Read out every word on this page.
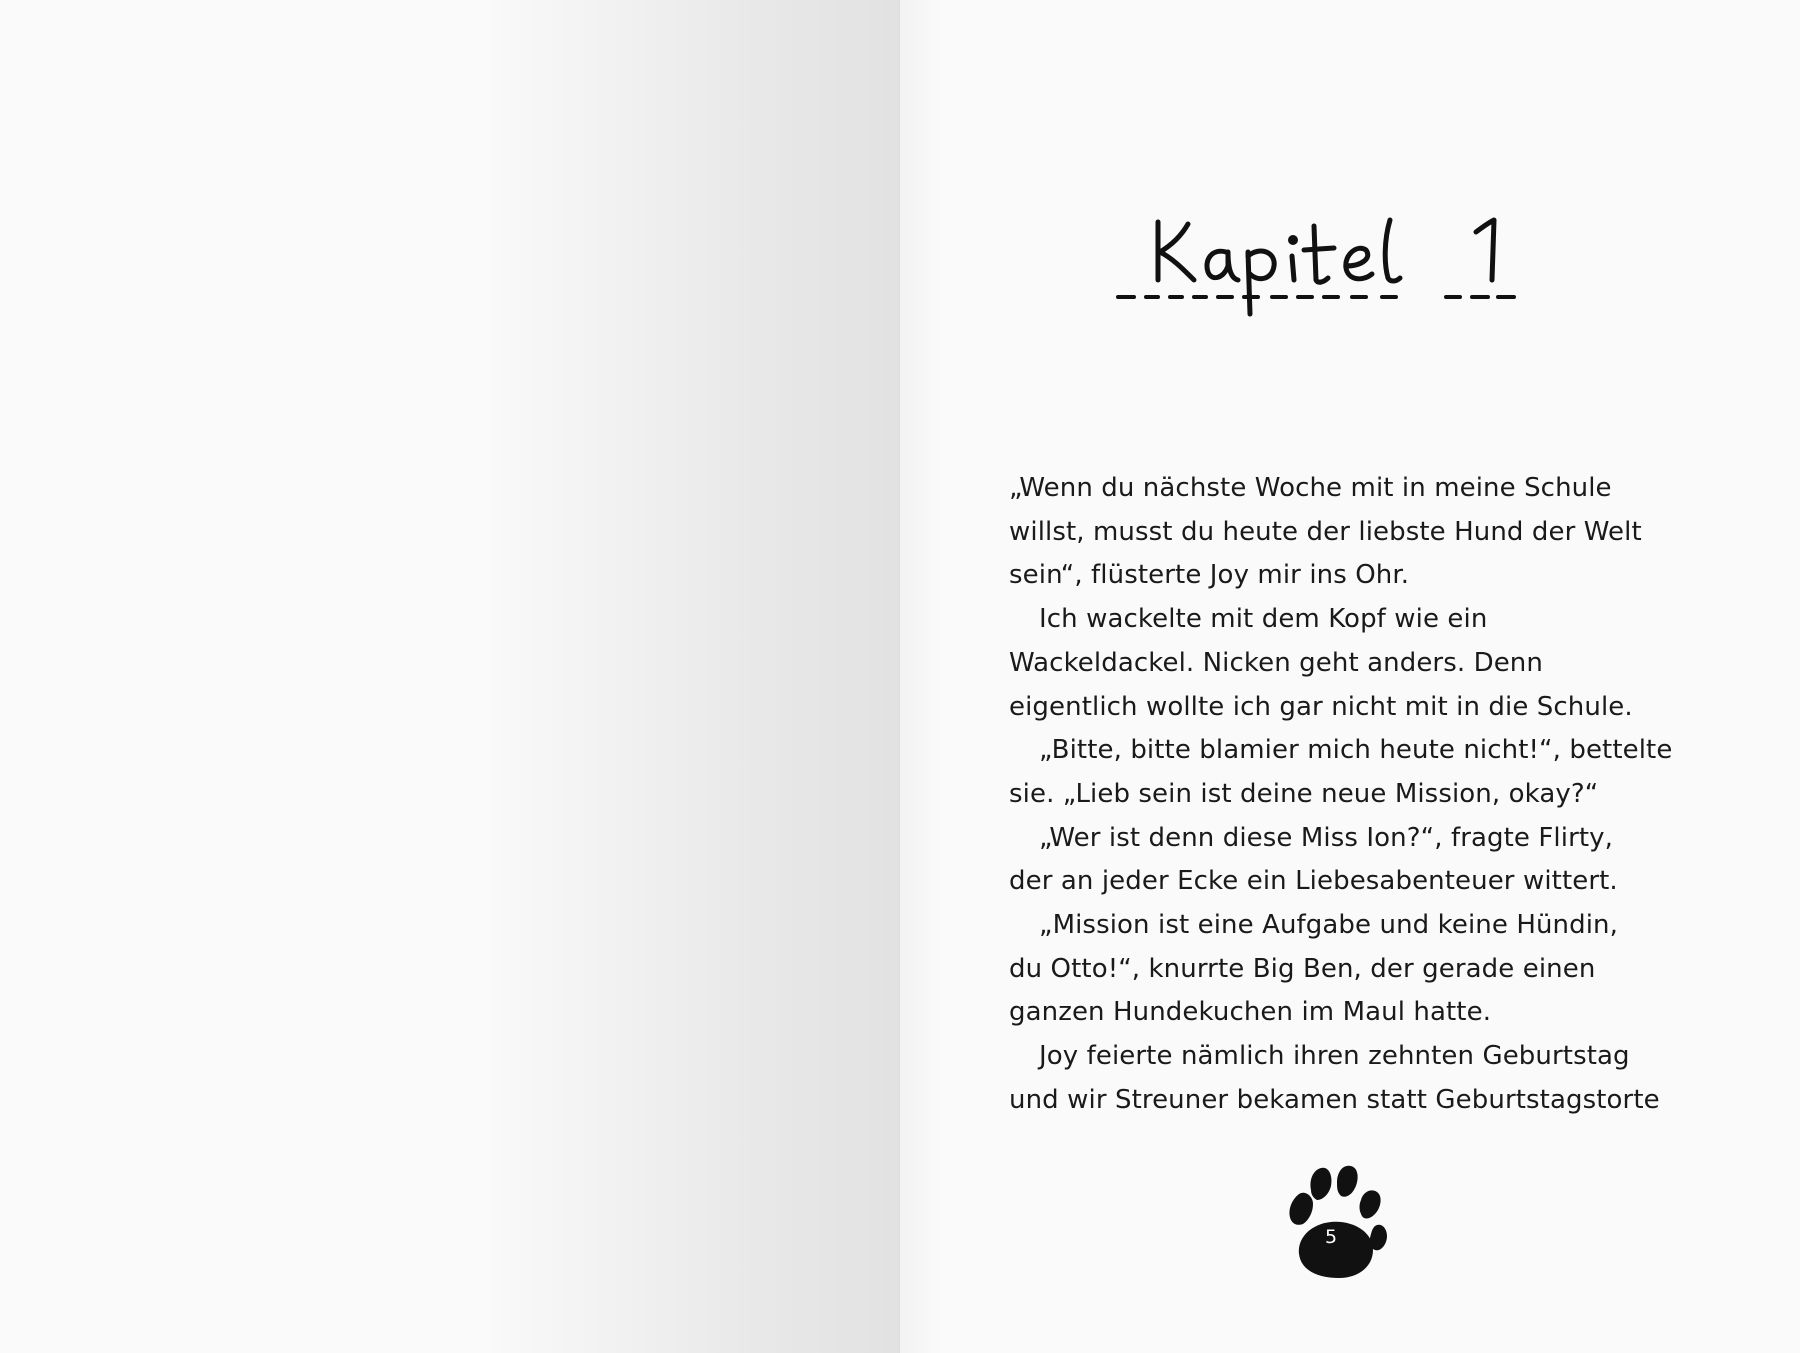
„Wenn du nächste Woche mit in meine Schule
willst, musst du heute der liebste Hund der Welt
sein“, flüsterte Joy mir ins Ohr.
Ich wackelte mit dem Kopf wie ein
Wackeldackel. Nicken geht anders. Denn
eigentlich wollte ich gar nicht mit in die Schule.
„Bitte, bitte blamier mich heute nicht!“, bettelte
sie. „Lieb sein ist deine neue Mission, okay?“
„Wer ist denn diese Miss Ion?“, fragte Flirty,
der an jeder Ecke ein Liebesabenteuer wittert.
„Mission ist eine Aufgabe und keine Hündin,
du Otto!“, knurrte Big Ben, der gerade einen
ganzen Hundekuchen im Maul hatte.
Joy feierte nämlich ihren zehnten Geburtstag
und wir Streuner bekamen statt Geburtstagstorte
5
